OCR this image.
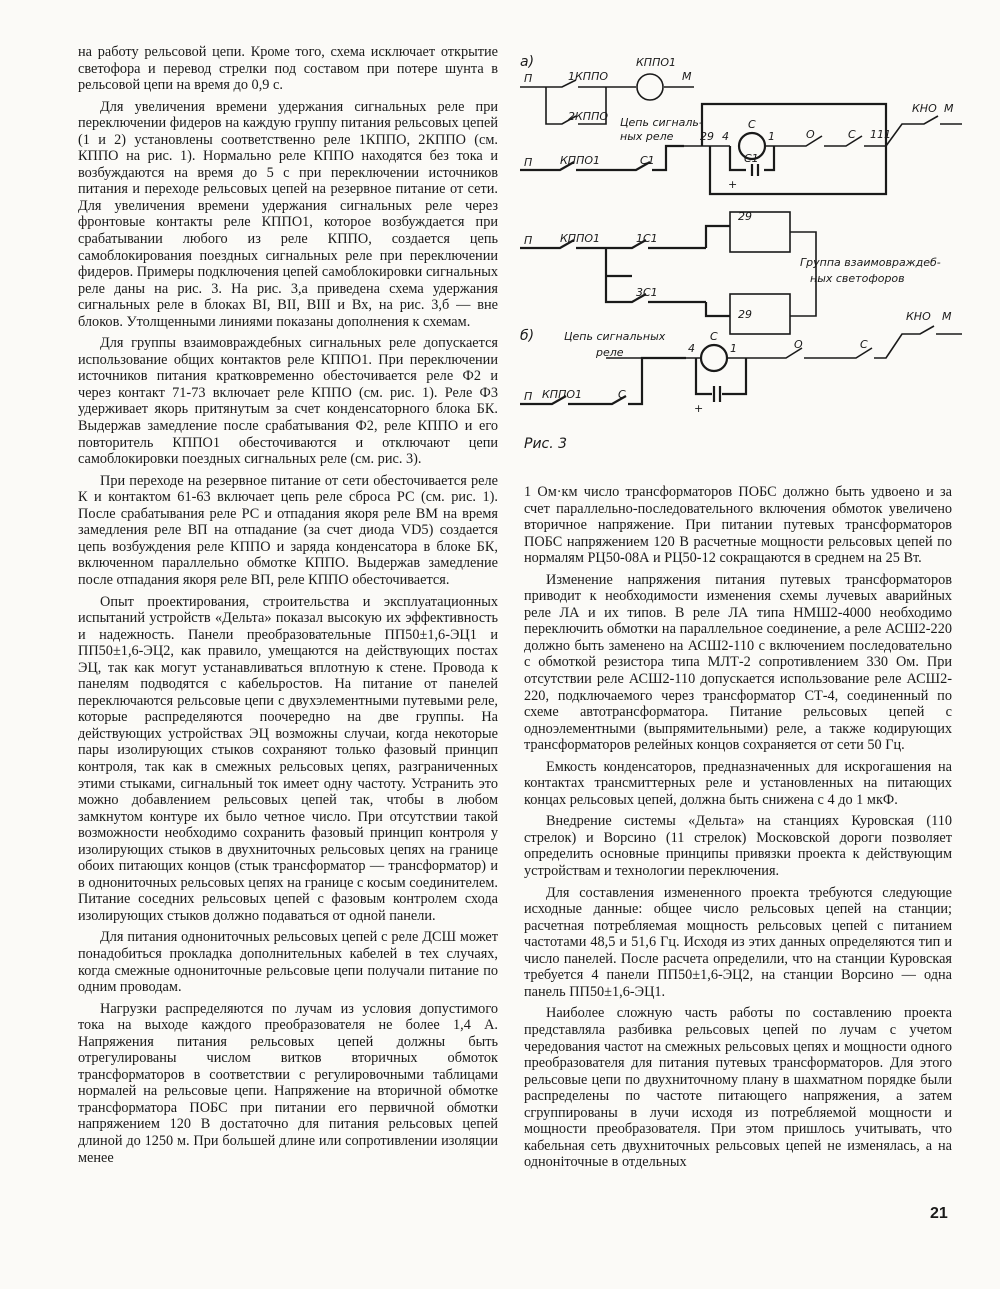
на работу рельсовой цепи. Кроме того, схема исключает открытие светофора и перевод стрелки под составом при потере шунта в рельсовой цепи на время до 0,9 с.

Для увеличения времени удержания сигнальных реле при переключении фидеров на каждую группу питания рельсовых цепей (1 и 2) установлены соответственно реле 1КППО, 2КППО (см. КППО на рис. 1). Нормально реле КППО находятся без тока и возбуждаются на время до 5 с при переключении источников питания и переходе рельсовых цепей на резервное питание от сети. Для увеличения времени удержания сигнальных реле через фронтовые контакты реле КППО1, которое возбуждается при срабатывании любого из реле КППО, создается цепь самоблокирования поездных сигнальных реле при переключении фидеров. Примеры подключения цепей самоблокировки сигнальных реле даны на рис. 3. На рис. 3,а приведена схема удержания сигнальных реле в блоках ВI, ВII, ВIII и Вх, на рис. 3,б — вне блоков. Утолщенными линиями показаны дополнения к схемам.

Для группы взаимовраждебных сигнальных реле допускается использование общих контактов реле КППО1. При переключении источников питания кратковременно обесточивается реле Ф2 и через контакт 71-73 включает реле КППО (см. рис. 1). Реле Ф3 удерживает якорь притянутым за счет конденсаторного блока БК. Выдержав замедление после срабатывания Ф2, реле КППО и его повторитель КППО1 обесточиваются и отключают цепи самоблокировки поездных сигнальных реле (см. рис. 3).

При переходе на резервное питание от сети обесточивается реле К и контактом 61-63 включает цепь реле сброса РС (см. рис. 1). После срабатывания реле РС и отпадания якоря реле ВМ на время замедления реле ВП на отпадание (за счет диода VD5) создается цепь возбуждения реле КППО и заряда конденсатора в блоке БК, включенном параллельно обмотке КППО. Выдержав замедление после отпадания якоря реле ВП, реле КППО обесточивается.

Опыт проектирования, строительства и эксплуатационных испытаний устройств «Дельта» показал высокую их эффективность и надежность. Панели преобразовательные ПП50±1,6-ЭЦ1 и ПП50±1,6-ЭЦ2, как правило, умещаются на действующих постах ЭЦ, так как могут устанавливаться вплотную к стене. Провода к панелям подводятся с кабельростов. На питание от панелей переключаются рельсовые цепи с двухэлементными путевыми реле, которые распределяются поочередно на две группы. На действующих устройствах ЭЦ возможны случаи, когда некоторые пары изолирующих стыков сохраняют только фазовый принцип контроля, так как в смежных рельсовых цепях, разграниченных этими стыками, сигнальный ток имеет одну частоту. Устранить это можно добавлением рельсовых цепей так, чтобы в любом замкнутом контуре их было четное число. При отсутствии такой возможности необходимо сохранить фазовый принцип контроля у изолирующих стыков в двухниточных рельсовых цепях на границе обоих питающих концов (стык трансформатор — трансформатор) и в однониточных рельсовых цепях на границе с косым соединителем. Питание соседних рельсовых цепей с фазовым контролем схода изолирующих стыков должно подаваться от одной панели.

Для питания однониточных рельсовых цепей с реле ДСШ может понадобиться прокладка дополнительных кабелей в тех случаях, когда смежные однониточные рельсовые цепи получали питание по одним проводам.

Нагрузки распределяются по лучам из условия допустимого тока на выходе каждого преобразователя не более 1,4 А. Напряжения питания рельсовых цепей должны быть отрегулированы числом витков вторичных обмоток трансформаторов в соответствии с регулировочными таблицами нормалей на рельсовые цепи. Напряжение на вторичной обмотке трансформатора ПОБС при питании его первичной обмотки напряжением 120 В достаточно для питания рельсовых цепей длиной до 1250 м. При большей длине или сопротивлении изоляции менее

а)
П	1КППО
КППО1
М
2КППО Цепь сигналь-
ных реле 29
С
4	1	О	С 111
КНО М
С1
+
П	КППО1	С1
П	КППО1	1С1
29
Группа взаимовраждеб-
ных светофоров
3С1
29
б)	Цепь сигнальных
реле
С
4	1	О	С
КНО М
+
П КППО1	С
Рис. 3

1 Ом·км число трансформаторов ПОБС должно быть удвоено и за счет параллельно-последовательного включения обмоток увеличено вторичное напряжение. При питании путевых трансформаторов ПОБС напряжением 120 В расчетные мощности рельсовых цепей по нормалям РЦ50-08А и РЦ50-12 сокращаются в среднем на 25 Вт.

Изменение напряжения питания путевых трансформаторов приводит к необходимости изменения схемы лучевых аварийных реле ЛА и их типов. В реле ЛА типа НМШ2-4000 необходимо переключить обмотки на параллельное соединение, а реле АСШ2-220 должно быть заменено на АСШ2-110 с включением последовательно с обмоткой резистора типа МЛТ-2 сопротивлением 330 Ом. При отсутствии реле АСШ2-110 допускается использование реле АСШ2-220, подключаемого через трансформатор СТ-4, соединенный по схеме автотрансформатора. Питание рельсовых цепей с одноэлементными (выпрямительными) реле, а также кодирующих трансформаторов релейных концов сохраняется от сети 50 Гц.

Емкость конденсаторов, предназначенных для искрогашения на контактах трансмиттерных реле и установленных на питающих концах рельсовых цепей, должна быть снижена с 4 до 1 мкФ.

Внедрение системы «Дельта» на станциях Куровская (110 стрелок) и Ворсино (11 стрелок) Московской дороги позволяет определить основные принципы привязки проекта к действующим устройствам и технологии переключения.

Для составления измененного проекта требуются следующие исходные данные: общее число рельсовых цепей на станции; расчетная потребляемая мощность рельсовых цепей с питанием частотами 48,5 и 51,6 Гц. Исходя из этих данных определяются тип и число панелей. После расчета определили, что на станции Куровская требуется 4 панели ПП50±1,6-ЭЦ2, на станции Ворсино — одна панель ПП50±1,6-ЭЦ1.

Наиболее сложную часть работы по составлению проекта представляла разбивка рельсовых цепей по лучам с учетом чередования частот на смежных рельсовых цепях и мощности одного преобразователя для питания путевых трансформаторов. Для этого рельсовые цепи по двухниточному плану в шахматном порядке были распределены по частоте питающего напряжения, а затем сгруппированы в лучи исходя из потребляемой мощности и мощности преобразователя. При этом пришлось учитывать, что кабельная сеть двухниточных рельсовых цепей не изменялась, а на одноніточные в отдельных

21
